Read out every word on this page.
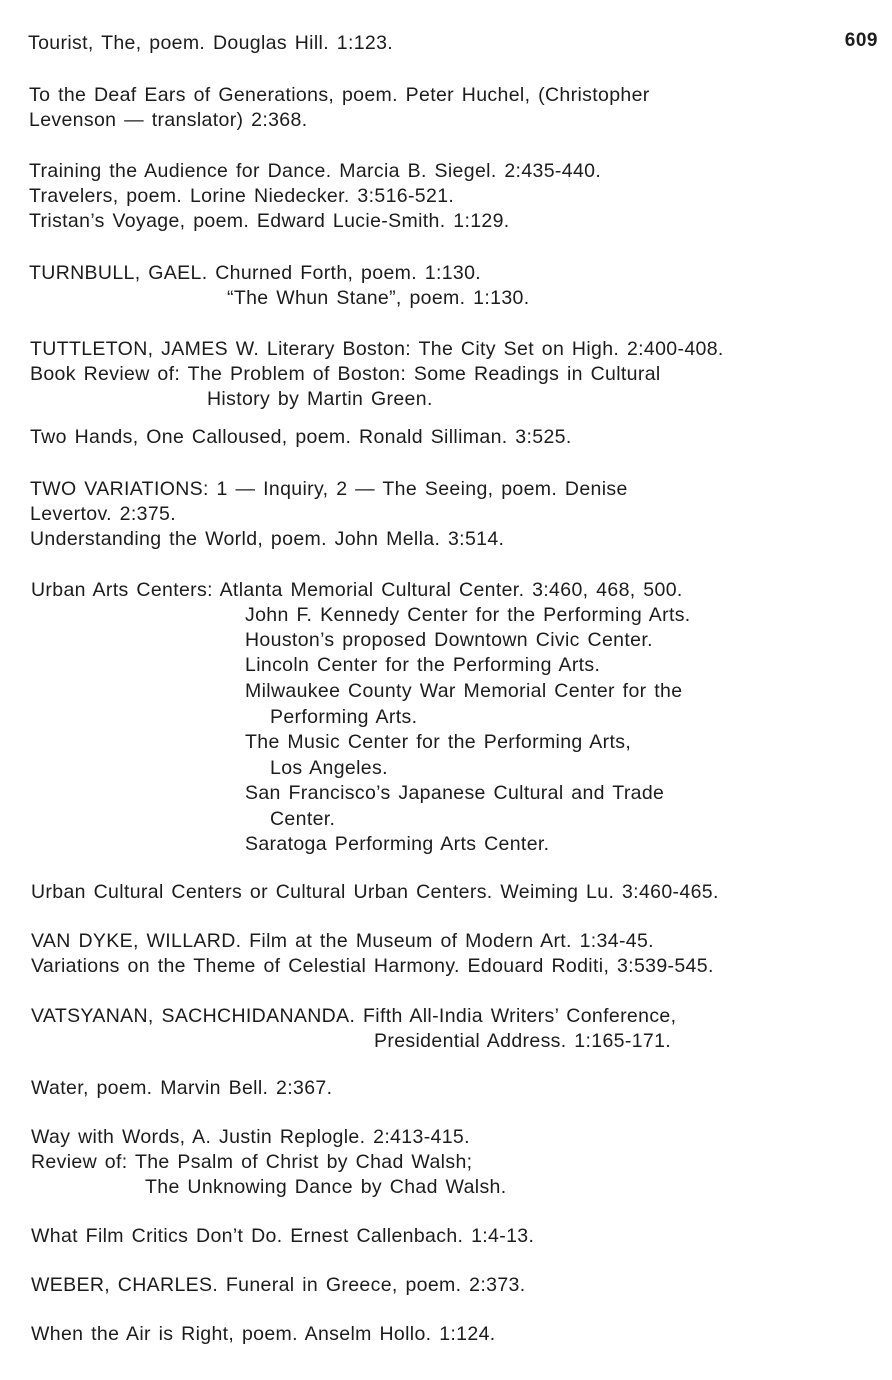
609
Tourist, The, poem. Douglas Hill. 1:123.
To the Deaf Ears of Generations, poem. Peter Huchel, (Christopher
Levenson — translator) 2:368.
Training the Audience for Dance. Marcia B. Siegel. 2:435-440.
Travelers, poem. Lorine Niedecker. 3:516-521.
Tristan’s Voyage, poem. Edward Lucie-Smith. 1:129.
TURNBULL, GAEL. Churned Forth, poem. 1:130.
“The Whun Stane”, poem. 1:130.
TUTTLETON, JAMES W. Literary Boston: The City Set on High. 2:400-408.
Book Review of: The Problem of Boston: Some Readings in Cultural
History by Martin Green.
Two Hands, One Calloused, poem. Ronald Silliman. 3:525.
TWO VARIATIONS: 1 — Inquiry, 2 — The Seeing, poem. Denise
Levertov. 2:375.
Understanding the World, poem. John Mella. 3:514.
Urban Arts Centers: Atlanta Memorial Cultural Center. 3:460, 468, 500.
John F. Kennedy Center for the Performing Arts.
Houston’s proposed Downtown Civic Center.
Lincoln Center for the Performing Arts.
Milwaukee County War Memorial Center for the
Performing Arts.
The Music Center for the Performing Arts,
Los Angeles.
San Francisco’s Japanese Cultural and Trade
Center.
Saratoga Performing Arts Center.
Urban Cultural Centers or Cultural Urban Centers. Weiming Lu. 3:460-465.
VAN DYKE, WILLARD. Film at the Museum of Modern Art. 1:34-45.
Variations on the Theme of Celestial Harmony. Edouard Roditi, 3:539-545.
VATSYANAN, SACHCHIDANANDA. Fifth All-India Writers’ Conference,
Presidential Address. 1:165-171.
Water, poem. Marvin Bell. 2:367.
Way with Words, A. Justin Replogle. 2:413-415.
Review of: The Psalm of Christ by Chad Walsh;
The Unknowing Dance by Chad Walsh.
What Film Critics Don’t Do. Ernest Callenbach. 1:4-13.
WEBER, CHARLES. Funeral in Greece, poem. 2:373.
When the Air is Right, poem. Anselm Hollo. 1:124.
